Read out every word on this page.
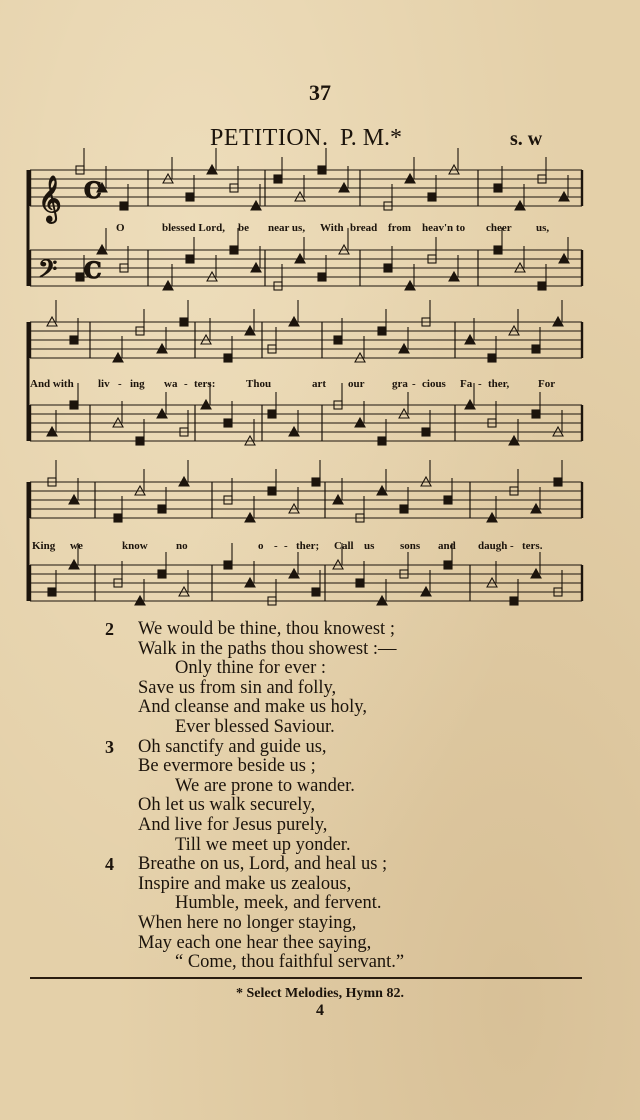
37
PETITION. P. M.*	s. w
𝄞
𝄢
C
C
O	blessed Lord, be near us, With bread from heav'n to cheer us,
And with liv - ing wa - ters:	Thou	art our	gra - cious Fa - ther,	For
King we	know	no	o - - ther; Call us sons and daugh - ters.
2	We would be thine, thou knowest ;
Walk in the paths thou showest :—
Only thine for ever :
Save us from sin and folly,
And cleanse and make us holy,
Ever blessed Saviour.
3	Oh sanctify and guide us,
Be evermore beside us ;
We are prone to wander.
Oh let us walk securely,
And live for Jesus purely,
Till we meet up yonder.
4	Breathe on us, Lord, and heal us ;
Inspire and make us zealous,
Humble, meek, and fervent.
When here no longer staying,
May each one hear thee saying,
“ Come, thou faithful servant.”
* Select Melodies, Hymn 82.
4
